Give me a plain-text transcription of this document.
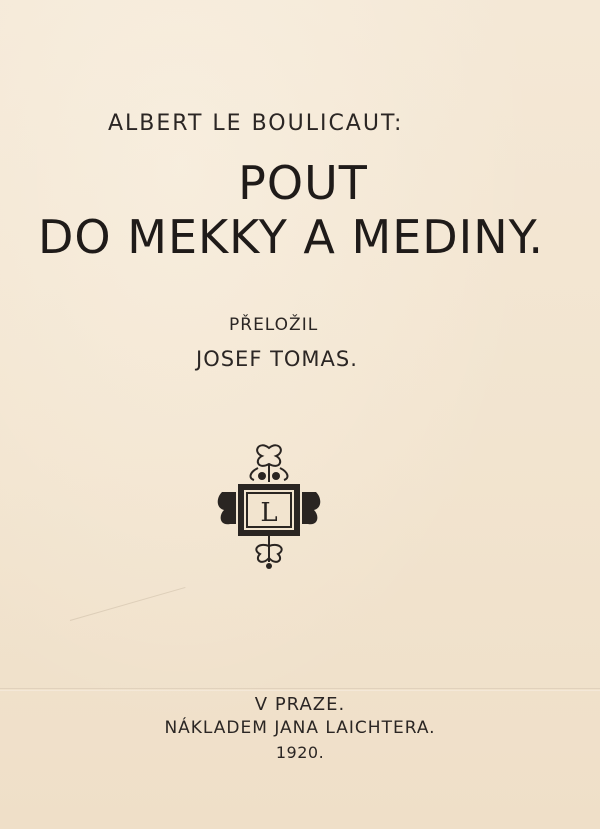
ALBERT LE BOULICAUT:
POUT
DO MEKKY A MEDINY.
PŘELOŽIL
JOSEF TOMAS.
L
V PRAZE.
NÁKLADEM JANA LAICHTERA.
1920.
